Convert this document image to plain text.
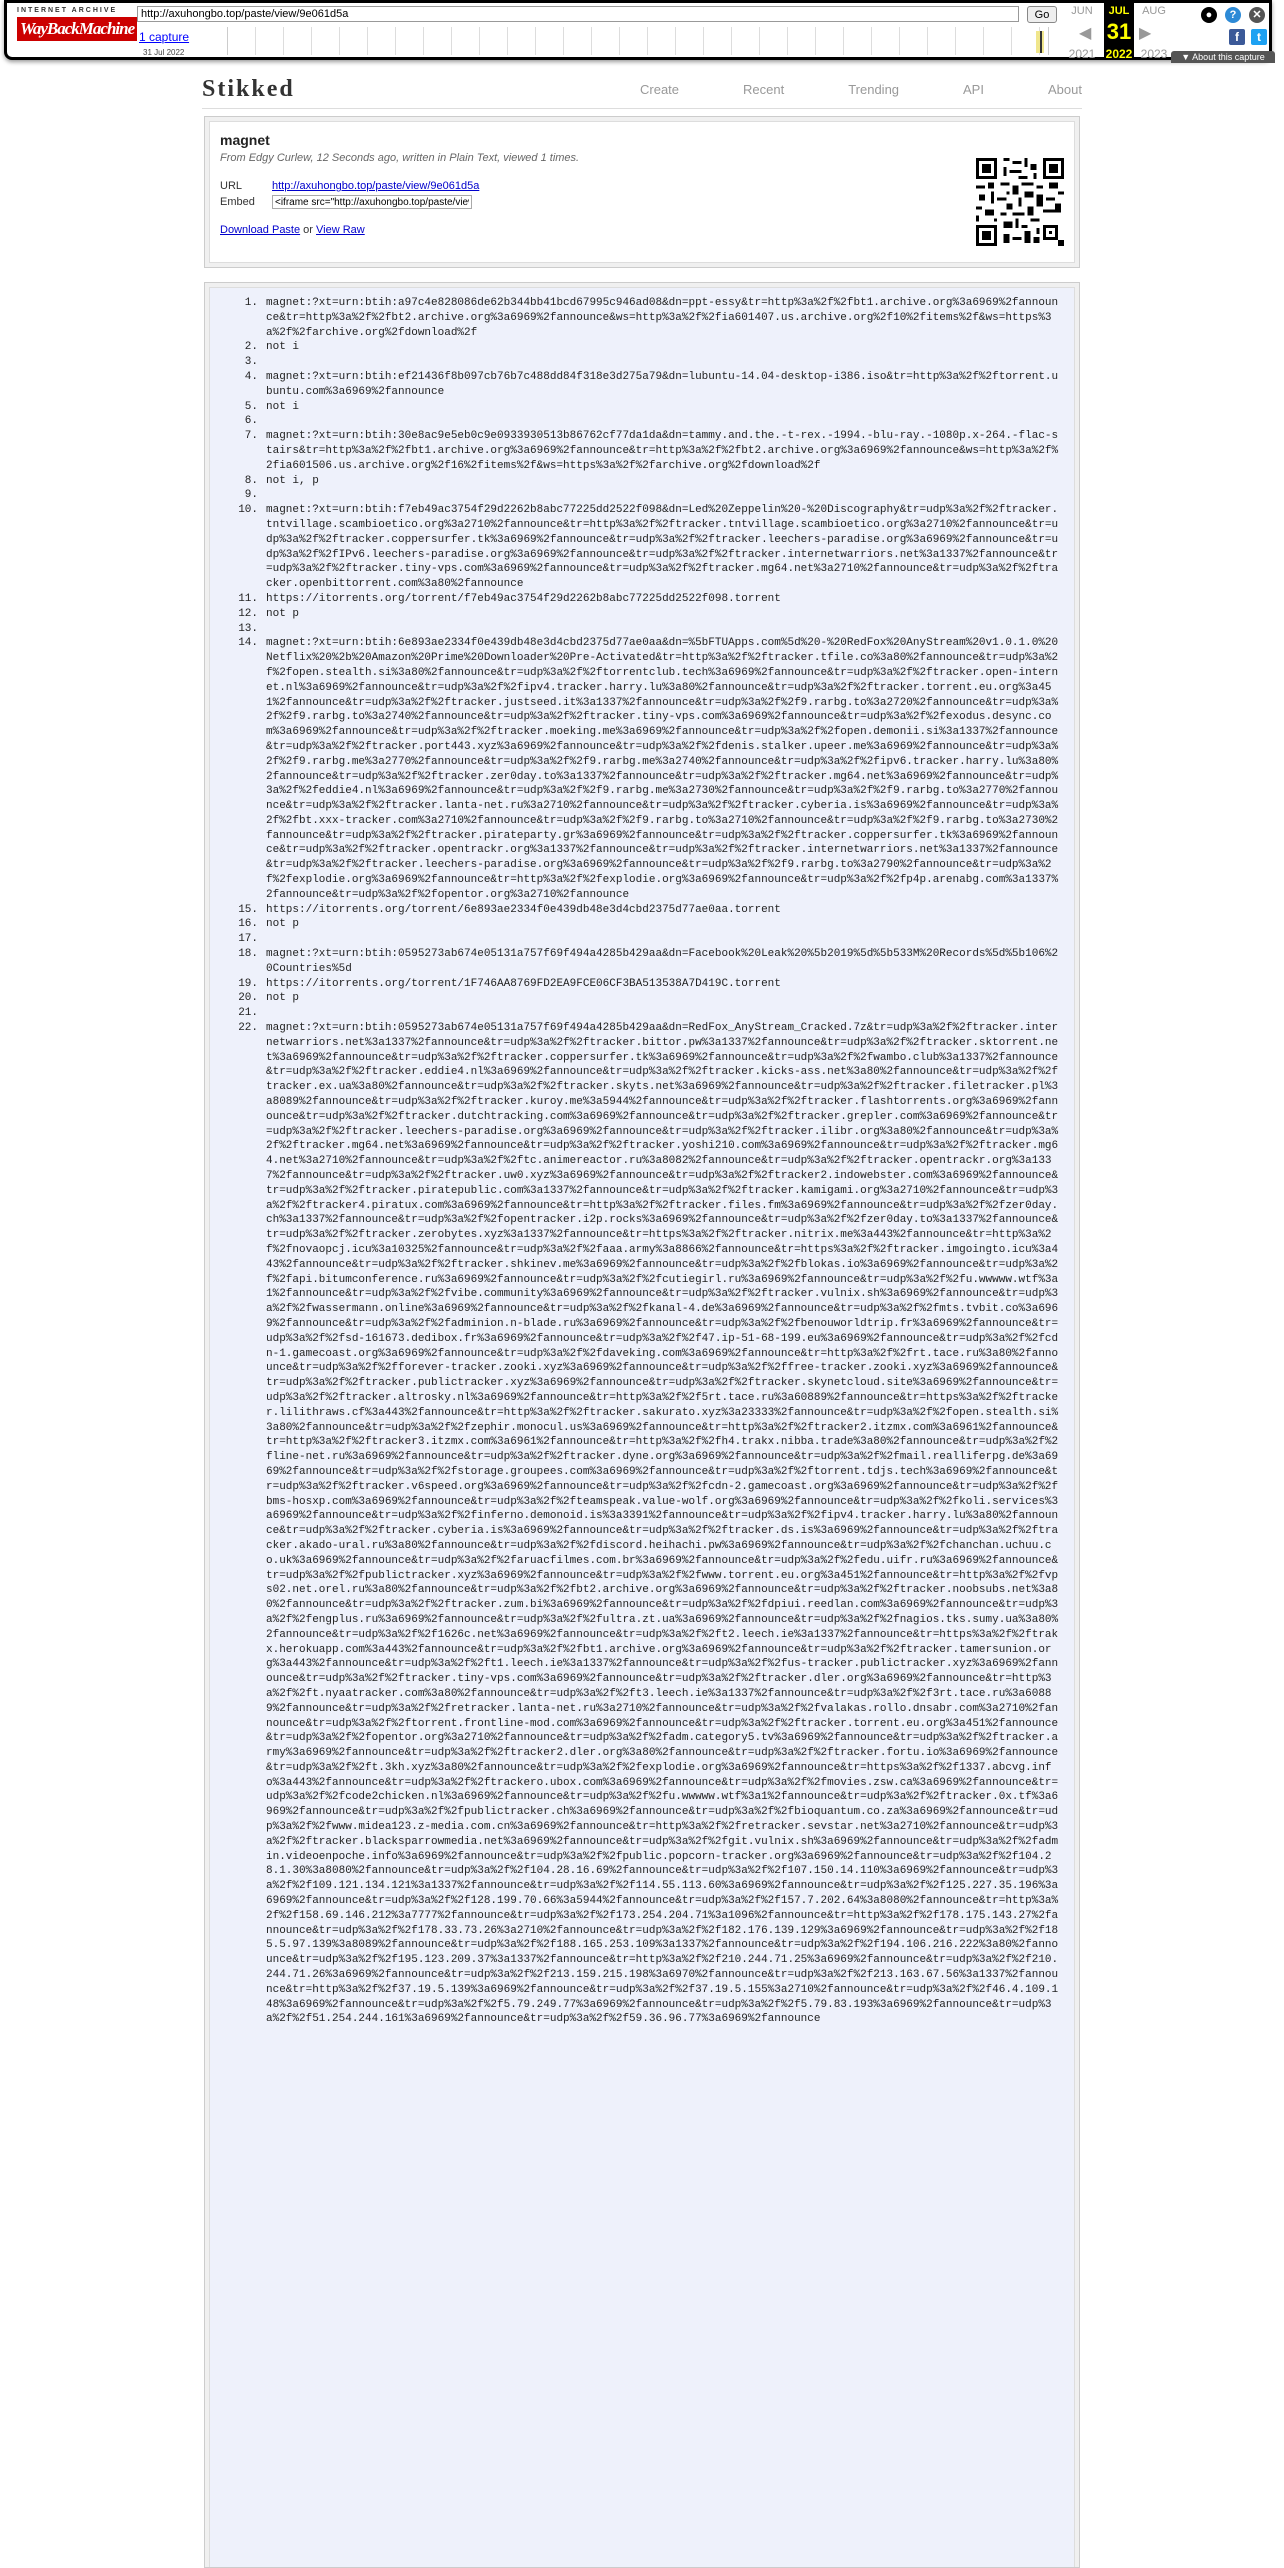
INTERNET ARCHIVE
WayBackMachine
http://axuhongbo.top/paste/view/9e061d5a
Go
1 capture
31 Jul 2022
JUN	JUL
31
AUG
◀	▶
2021 2022 2023
●	?	✕
f	t
▼ About this capture
Stikked	Create	Recent	Trending	API	About
magnet
From Edgy Curlew, 12 Seconds ago, written in Plain Text, viewed 1 times.
URL	http://axuhongbo.top/paste/view/9e061d5a
Embed
<iframe src="http://axuhongbo.top/paste/view/embed/9e061d5a" style="border:none;width:100%"></iframe>
Download Paste or View Raw
1. magnet:?xt=urn:btih:a97c4e828086de62b344bb41bcd67995c946ad08&dn=ppt-essy&tr=http%3a%2f%2fbt1.archive.org%3a6969%2fannounce&tr=http%3a%2f%2fbt2.archive.org%3a6969%2fannounce&ws=http%3a%2f%2fia601407.us.archive.org%2f10%2fitems%2f&ws=https%3a%2f%2farchive.org%2fdownload%2f
2. not i
3.
4. magnet:?xt=urn:btih:ef21436f8b097cb76b7c488dd84f318e3d275a79&dn=lubuntu-14.04-desktop-i386.iso&tr=http%3a%2f%2ftorrent.ubuntu.com%3a6969%2fannounce
5. not i
6.
7. magnet:?xt=urn:btih:30e8ac9e5eb0c9e0933930513b86762cf77da1da&dn=tammy.and.the.-t-rex.-1994.-blu-ray.-1080p.x-264.-flac-stairs&tr=http%3a%2f%2fbt1.archive.org%3a6969%2fannounce&tr=http%3a%2f%2fbt2.archive.org%3a6969%2fannounce&ws=http%3a%2f%2fia601506.us.archive.org%2f16%2fitems%2f&ws=https%3a%2f%2farchive.org%2fdownload%2f
8. not i, p
9.
10. magnet:?xt=urn:btih:f7eb49ac3754f29d2262b8abc77225dd2522f098&dn=Led%20Zeppelin%20-%20Discography&tr=udp%3a%2f%2ftracker.tntvillage.scambioetico.org%3a2710%2fannounce&tr=http%3a%2f%2ftracker.tntvillage.scambioetico.org%3a2710%2fannounce&tr=udp%3a%2f%2ftracker.coppersurfer.tk%3a6969%2fannounce&tr=udp%3a%2f%2ftracker.leechers-paradise.org%3a6969%2fannounce&tr=udp%3a%2f%2fIPv6.leechers-paradise.org%3a6969%2fannounce&tr=udp%3a%2f%2ftracker.internetwarriors.net%3a1337%2fannounce&tr=udp%3a%2f%2ftracker.tiny-vps.com%3a6969%2fannounce&tr=udp%3a%2f%2ftracker.mg64.net%3a2710%2fannounce&tr=udp%3a%2f%2ftracker.openbittorrent.com%3a80%2fannounce
11. https://itorrents.org/torrent/f7eb49ac3754f29d2262b8abc77225dd2522f098.torrent
12. not p
13.
14. magnet:?xt=urn:btih:6e893ae2334f0e439db48e3d4cbd2375d77ae0aa&dn=%5bFTUApps.com%5d%20-%20RedFox%20AnyStream%20v1.0.1.0%20Netflix%20%2b%20Amazon%20Prime%20Downloader%20Pre-Activated&tr=http%3a%2f%2ftracker.tfile.co%3a80%2fannounce&tr=udp%3a%2f%2fopen.stealth.si%3a80%2fannounce&tr=udp%3a%2f%2ftorrentclub.tech%3a6969%2fannounce&tr=udp%3a%2f%2ftracker.open-internet.nl%3a6969%2fannounce&tr=udp%3a%2f%2fipv4.tracker.harry.lu%3a80%2fannounce&tr=udp%3a%2f%2ftracker.torrent.eu.org%3a451%2fannounce&tr=udp%3a%2f%2ftracker.justseed.it%3a1337%2fannounce&tr=udp%3a%2f%2f9.rarbg.to%3a2720%2fannounce&tr=udp%3a%2f%2f9.rarbg.to%3a2740%2fannounce&tr=udp%3a%2f%2ftracker.tiny-vps.com%3a6969%2fannounce&tr=udp%3a%2f%2fexodus.desync.com%3a6969%2fannounce&tr=udp%3a%2f%2ftracker.moeking.me%3a6969%2fannounce&tr=udp%3a%2f%2fopen.demonii.si%3a1337%2fannounce&tr=udp%3a%2f%2ftracker.port443.xyz%3a6969%2fannounce&tr=udp%3a%2f%2fdenis.stalker.upeer.me%3a6969%2fannounce&tr=udp%3a%2f%2f9.rarbg.me%3a2770%2fannounce&tr=udp%3a%2f%2f9.rarbg.me%3a2740%2fannounce&tr=udp%3a%2f%2fipv6.tracker.harry.lu%3a80%2fannounce&tr=udp%3a%2f%2ftracker.zer0day.to%3a1337%2fannounce&tr=udp%3a%2f%2ftracker.mg64.net%3a6969%2fannounce&tr=udp%3a%2f%2feddie4.nl%3a6969%2fannounce&tr=udp%3a%2f%2f9.rarbg.me%3a2730%2fannounce&tr=udp%3a%2f%2f9.rarbg.to%3a2770%2fannounce&tr=udp%3a%2f%2ftracker.lanta-net.ru%3a2710%2fannounce&tr=udp%3a%2f%2ftracker.cyberia.is%3a6969%2fannounce&tr=udp%3a%2f%2fbt.xxx-tracker.com%3a2710%2fannounce&tr=udp%3a%2f%2f9.rarbg.to%3a2710%2fannounce&tr=udp%3a%2f%2f9.rarbg.to%3a2730%2fannounce&tr=udp%3a%2f%2ftracker.pirateparty.gr%3a6969%2fannounce&tr=udp%3a%2f%2ftracker.coppersurfer.tk%3a6969%2fannounce&tr=udp%3a%2f%2ftracker.opentrackr.org%3a1337%2fannounce&tr=udp%3a%2f%2ftracker.internetwarriors.net%3a1337%2fannounce&tr=udp%3a%2f%2ftracker.leechers-paradise.org%3a6969%2fannounce&tr=udp%3a%2f%2f9.rarbg.to%3a2790%2fannounce&tr=udp%3a%2f%2fexplodie.org%3a6969%2fannounce&tr=http%3a%2f%2fexplodie.org%3a6969%2fannounce&tr=udp%3a%2f%2fp4p.arenabg.com%3a1337%2fannounce&tr=udp%3a%2f%2fopentor.org%3a2710%2fannounce
15. https://itorrents.org/torrent/6e893ae2334f0e439db48e3d4cbd2375d77ae0aa.torrent
16. not p
17.
18. magnet:?xt=urn:btih:0595273ab674e05131a757f69f494a4285b429aa&dn=Facebook%20Leak%20%5b2019%5d%5b533M%20Records%5d%5b106%20Countries%5d
19. https://itorrents.org/torrent/1F746AA8769FD2EA9FCE06CF3BA513538A7D419C.torrent
20. not p
21.
22. magnet:?xt=urn:btih:0595273ab674e05131a757f69f494a4285b429aa&dn=RedFox_AnyStream_Cracked.7z&tr=udp%3a%2f%2ftracker.internetwarriors.net%3a1337%2fannounce&tr=udp%3a%2f%2ftracker.bittor.pw%3a1337%2fannounce&tr=udp%3a%2f%2ftracker.sktorrent.net%3a6969%2fannounce&tr=udp%3a%2f%2ftracker.coppersurfer.tk%3a6969%2fannounce&tr=udp%3a%2f%2fwambo.club%3a1337%2fannounce&tr=udp%3a%2f%2ftracker.eddie4.nl%3a6969%2fannounce&tr=udp%3a%2f%2ftracker.kicks-ass.net%3a80%2fannounce&tr=udp%3a%2f%2ftracker.ex.ua%3a80%2fannounce&tr=udp%3a%2f%2ftracker.skyts.net%3a6969%2fannounce&tr=udp%3a%2f%2ftracker.filetracker.pl%3a8089%2fannounce&tr=udp%3a%2f%2ftracker.kuroy.me%3a5944%2fannounce&tr=udp%3a%2f%2ftracker.flashtorrents.org%3a6969%2fannounce&tr=udp%3a%2f%2ftracker.dutchtracking.com%3a6969%2fannounce&tr=udp%3a%2f%2ftracker.grepler.com%3a6969%2fannounce&tr=udp%3a%2f%2ftracker.leechers-paradise.org%3a6969%2fannounce&tr=udp%3a%2f%2ftracker.ilibr.org%3a80%2fannounce&tr=udp%3a%2f%2ftracker.mg64.net%3a6969%2fannounce&tr=udp%3a%2f%2ftracker.yoshi210.com%3a6969%2fannounce&tr=udp%3a%2f%2ftracker.mg64.net%3a2710%2fannounce&tr=udp%3a%2f%2ftc.animereactor.ru%3a8082%2fannounce&tr=udp%3a%2f%2ftracker.opentrackr.org%3a1337%2fannounce&tr=udp%3a%2f%2ftracker.uw0.xyz%3a6969%2fannounce&tr=udp%3a%2f%2ftracker2.indowebster.com%3a6969%2fannounce&tr=udp%3a%2f%2ftracker.piratepublic.com%3a1337%2fannounce&tr=udp%3a%2f%2ftracker.kamigami.org%3a2710%2fannounce&tr=udp%3a%2f%2ftracker4.piratux.com%3a6969%2fannounce&tr=http%3a%2f%2ftracker.files.fm%3a6969%2fannounce&tr=udp%3a%2f%2fzer0day.ch%3a1337%2fannounce&tr=udp%3a%2f%2fopentracker.i2p.rocks%3a6969%2fannounce&tr=udp%3a%2f%2fzer0day.to%3a1337%2fannounce&tr=udp%3a%2f%2ftracker.zerobytes.xyz%3a1337%2fannounce&tr=https%3a%2f%2ftracker.nitrix.me%3a443%2fannounce&tr=http%3a%2f%2fnovaopcj.icu%3a10325%2fannounce&tr=udp%3a%2f%2faaa.army%3a8866%2fannounce&tr=https%3a%2f%2ftracker.imgoingto.icu%3a443%2fannounce&tr=udp%3a%2f%2ftracker.shkinev.me%3a6969%2fannounce&tr=udp%3a%2f%2fblokas.io%3a6969%2fannounce&tr=udp%3a%2f%2fapi.bitumconference.ru%3a6969%2fannounce&tr=udp%3a%2f%2fcutiegirl.ru%3a6969%2fannounce&tr=udp%3a%2f%2fu.wwwww.wtf%3a1%2fannounce&tr=udp%3a%2f%2fvibe.community%3a6969%2fannounce&tr=udp%3a%2f%2ftracker.vulnix.sh%3a6969%2fannounce&tr=udp%3a%2f%2fwassermann.online%3a6969%2fannounce&tr=udp%3a%2f%2fkanal-4.de%3a6969%2fannounce&tr=udp%3a%2f%2fmts.tvbit.co%3a6969%2fannounce&tr=udp%3a%2f%2fadminion.n-blade.ru%3a6969%2fannounce&tr=udp%3a%2f%2fbenouworldtrip.fr%3a6969%2fannounce&tr=udp%3a%2f%2fsd-161673.dedibox.fr%3a6969%2fannounce&tr=udp%3a%2f%2f47.ip-51-68-199.eu%3a6969%2fannounce&tr=udp%3a%2f%2fcdn-1.gamecoast.org%3a6969%2fannounce&tr=udp%3a%2f%2fdaveking.com%3a6969%2fannounce&tr=http%3a%2f%2frt.tace.ru%3a80%2fannounce&tr=udp%3a%2f%2fforever-tracker.zooki.xyz%3a6969%2fannounce&tr=udp%3a%2f%2ffree-tracker.zooki.xyz%3a6969%2fannounce&tr=udp%3a%2f%2ftracker.publictracker.xyz%3a6969%2fannounce&tr=udp%3a%2f%2ftracker.skynetcloud.site%3a6969%2fannounce&tr=udp%3a%2f%2ftracker.altrosky.nl%3a6969%2fannounce&tr=http%3a%2f%2f5rt.tace.ru%3a60889%2fannounce&tr=https%3a%2f%2ftracker.lilithraws.cf%3a443%2fannounce&tr=http%3a%2f%2ftracker.sakurato.xyz%3a23333%2fannounce&tr=udp%3a%2f%2fopen.stealth.si%3a80%2fannounce&tr=udp%3a%2f%2fzephir.monocul.us%3a6969%2fannounce&tr=http%3a%2f%2ftracker2.itzmx.com%3a6961%2fannounce&tr=http%3a%2f%2ftracker3.itzmx.com%3a6961%2fannounce&tr=http%3a%2f%2fh4.trakx.nibba.trade%3a80%2fannounce&tr=udp%3a%2f%2fline-net.ru%3a6969%2fannounce&tr=udp%3a%2f%2ftracker.dyne.org%3a6969%2fannounce&tr=udp%3a%2f%2fmail.realliferpg.de%3a6969%2fannounce&tr=udp%3a%2f%2fstorage.groupees.com%3a6969%2fannounce&tr=udp%3a%2f%2ftorrent.tdjs.tech%3a6969%2fannounce&tr=udp%3a%2f%2ftracker.v6speed.org%3a6969%2fannounce&tr=udp%3a%2f%2fcdn-2.gamecoast.org%3a6969%2fannounce&tr=udp%3a%2f%2fbms-hosxp.com%3a6969%2fannounce&tr=udp%3a%2f%2fteamspeak.value-wolf.org%3a6969%2fannounce&tr=udp%3a%2f%2fkoli.services%3a6969%2fannounce&tr=udp%3a%2f%2finferno.demonoid.is%3a3391%2fannounce&tr=udp%3a%2f%2fipv4.tracker.harry.lu%3a80%2fannounce&tr=udp%3a%2f%2ftracker.cyberia.is%3a6969%2fannounce&tr=udp%3a%2f%2ftracker.ds.is%3a6969%2fannounce&tr=udp%3a%2f%2ftracker.akado-ural.ru%3a80%2fannounce&tr=udp%3a%2f%2fdiscord.heihachi.pw%3a6969%2fannounce&tr=udp%3a%2f%2fchanchan.uchuu.co.uk%3a6969%2fannounce&tr=udp%3a%2f%2faruacfilmes.com.br%3a6969%2fannounce&tr=udp%3a%2f%2fedu.uifr.ru%3a6969%2fannounce&tr=udp%3a%2f%2fpublictracker.xyz%3a6969%2fannounce&tr=udp%3a%2f%2fwww.torrent.eu.org%3a451%2fannounce&tr=http%3a%2f%2fvps02.net.orel.ru%3a80%2fannounce&tr=udp%3a%2f%2fbt2.archive.org%3a6969%2fannounce&tr=udp%3a%2f%2ftracker.noobsubs.net%3a80%2fannounce&tr=udp%3a%2f%2ftracker.zum.bi%3a6969%2fannounce&tr=udp%3a%2f%2fdpiui.reedlan.com%3a6969%2fannounce&tr=udp%3a%2f%2fengplus.ru%3a6969%2fannounce&tr=udp%3a%2f%2fultra.zt.ua%3a6969%2fannounce&tr=udp%3a%2f%2fnagios.tks.sumy.ua%3a80%2fannounce&tr=udp%3a%2f%2f1626c.net%3a6969%2fannounce&tr=udp%3a%2f%2ft2.leech.ie%3a1337%2fannounce&tr=https%3a%2f%2ftrakx.herokuapp.com%3a443%2fannounce&tr=udp%3a%2f%2fbt1.archive.org%3a6969%2fannounce&tr=udp%3a%2f%2ftracker.tamersunion.org%3a443%2fannounce&tr=udp%3a%2f%2ft1.leech.ie%3a1337%2fannounce&tr=udp%3a%2f%2fus-tracker.publictracker.xyz%3a6969%2fannounce&tr=udp%3a%2f%2ftracker.tiny-vps.com%3a6969%2fannounce&tr=udp%3a%2f%2ftracker.dler.org%3a6969%2fannounce&tr=http%3a%2f%2ft.nyaatracker.com%3a80%2fannounce&tr=udp%3a%2f%2ft3.leech.ie%3a1337%2fannounce&tr=udp%3a%2f%2f3rt.tace.ru%3a60889%2fannounce&tr=udp%3a%2f%2fretracker.lanta-net.ru%3a2710%2fannounce&tr=udp%3a%2f%2fvalakas.rollo.dnsabr.com%3a2710%2fannounce&tr=udp%3a%2f%2ftorrent.frontline-mod.com%3a6969%2fannounce&tr=udp%3a%2f%2ftracker.torrent.eu.org%3a451%2fannounce&tr=udp%3a%2f%2fopentor.org%3a2710%2fannounce&tr=udp%3a%2f%2fadm.category5.tv%3a6969%2fannounce&tr=udp%3a%2f%2ftracker.army%3a6969%2fannounce&tr=udp%3a%2f%2ftracker2.dler.org%3a80%2fannounce&tr=udp%3a%2f%2ftracker.fortu.io%3a6969%2fannounce&tr=udp%3a%2f%2ft.3kh.xyz%3a80%2fannounce&tr=udp%3a%2f%2fexplodie.org%3a6969%2fannounce&tr=https%3a%2f%2f1337.abcvg.info%3a443%2fannounce&tr=udp%3a%2f%2ftrackero.ubox.com%3a6969%2fannounce&tr=udp%3a%2f%2fmovies.zsw.ca%3a6969%2fannounce&tr=udp%3a%2f%2fcode2chicken.nl%3a6969%2fannounce&tr=udp%3a%2f%2fu.wwwww.wtf%3a1%2fannounce&tr=udp%3a%2f%2ftracker.0x.tf%3a6969%2fannounce&tr=udp%3a%2f%2fpublictracker.ch%3a6969%2fannounce&tr=udp%3a%2f%2fbioquantum.co.za%3a6969%2fannounce&tr=udp%3a%2f%2fwww.midea123.z-media.com.cn%3a6969%2fannounce&tr=http%3a%2f%2fretracker.sevstar.net%3a2710%2fannounce&tr=udp%3a%2f%2ftracker.blacksparrowmedia.net%3a6969%2fannounce&tr=udp%3a%2f%2fgit.vulnix.sh%3a6969%2fannounce&tr=udp%3a%2f%2fadmin.videoenpoche.info%3a6969%2fannounce&tr=udp%3a%2f%2fpublic.popcorn-tracker.org%3a6969%2fannounce&tr=udp%3a%2f%2f104.28.1.30%3a8080%2fannounce&tr=udp%3a%2f%2f104.28.16.69%2fannounce&tr=udp%3a%2f%2f107.150.14.110%3a6969%2fannounce&tr=udp%3a%2f%2f109.121.134.121%3a1337%2fannounce&tr=udp%3a%2f%2f114.55.113.60%3a6969%2fannounce&tr=udp%3a%2f%2f125.227.35.196%3a6969%2fannounce&tr=udp%3a%2f%2f128.199.70.66%3a5944%2fannounce&tr=udp%3a%2f%2f157.7.202.64%3a8080%2fannounce&tr=http%3a%2f%2f158.69.146.212%3a7777%2fannounce&tr=udp%3a%2f%2f173.254.204.71%3a1096%2fannounce&tr=http%3a%2f%2f178.175.143.27%2fannounce&tr=udp%3a%2f%2f178.33.73.26%3a2710%2fannounce&tr=udp%3a%2f%2f182.176.139.129%3a6969%2fannounce&tr=udp%3a%2f%2f185.5.97.139%3a8089%2fannounce&tr=udp%3a%2f%2f188.165.253.109%3a1337%2fannounce&tr=udp%3a%2f%2f194.106.216.222%3a80%2fannounce&tr=udp%3a%2f%2f195.123.209.37%3a1337%2fannounce&tr=http%3a%2f%2f210.244.71.25%3a6969%2fannounce&tr=udp%3a%2f%2f210.244.71.26%3a6969%2fannounce&tr=udp%3a%2f%2f213.159.215.198%3a6970%2fannounce&tr=udp%3a%2f%2f213.163.67.56%3a1337%2fannounce&tr=http%3a%2f%2f37.19.5.139%3a6969%2fannounce&tr=udp%3a%2f%2f37.19.5.155%3a2710%2fannounce&tr=udp%3a%2f%2f46.4.109.148%3a6969%2fannounce&tr=udp%3a%2f%2f5.79.249.77%3a6969%2fannounce&tr=udp%3a%2f%2f5.79.83.193%3a6969%2fannounce&tr=udp%3a%2f%2f51.254.244.161%3a6969%2fannounce&tr=udp%3a%2f%2f59.36.96.77%3a6969%2fannounce
